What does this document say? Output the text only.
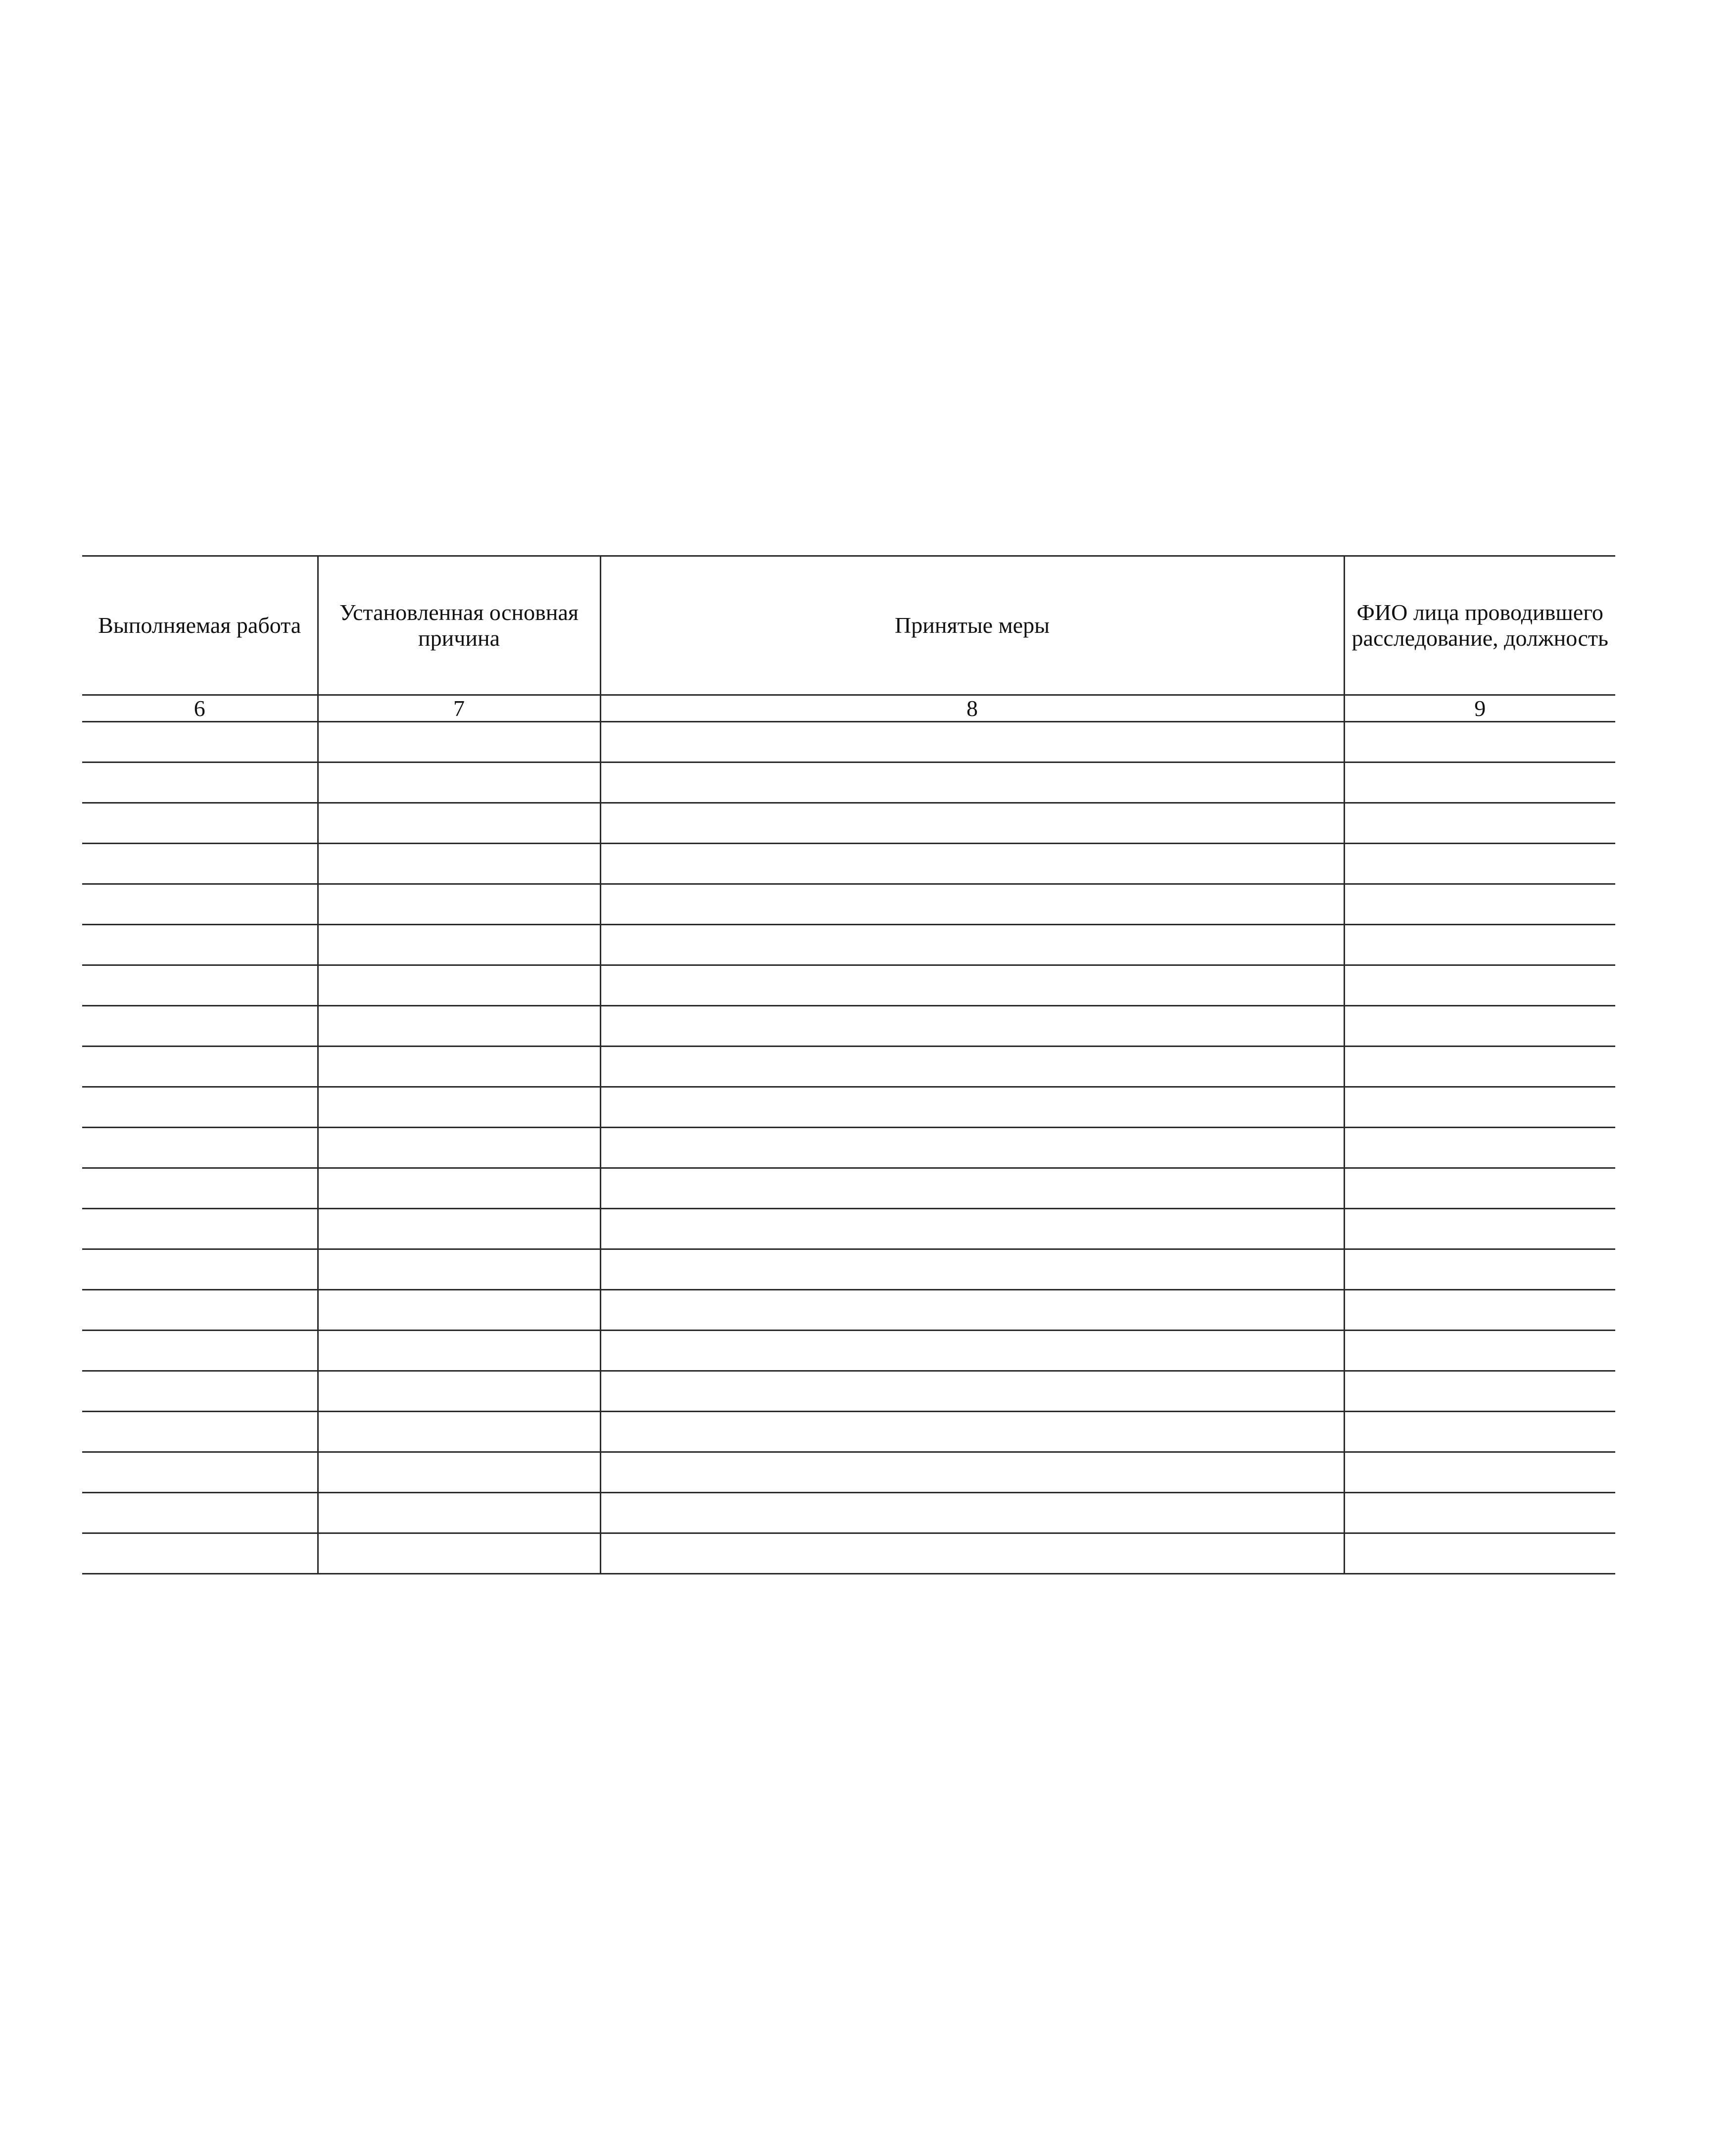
Выполняемая работа	Установленная основная причина	Принятые меры	ФИО лица проводившего расследование, должность
6	7	8	9
